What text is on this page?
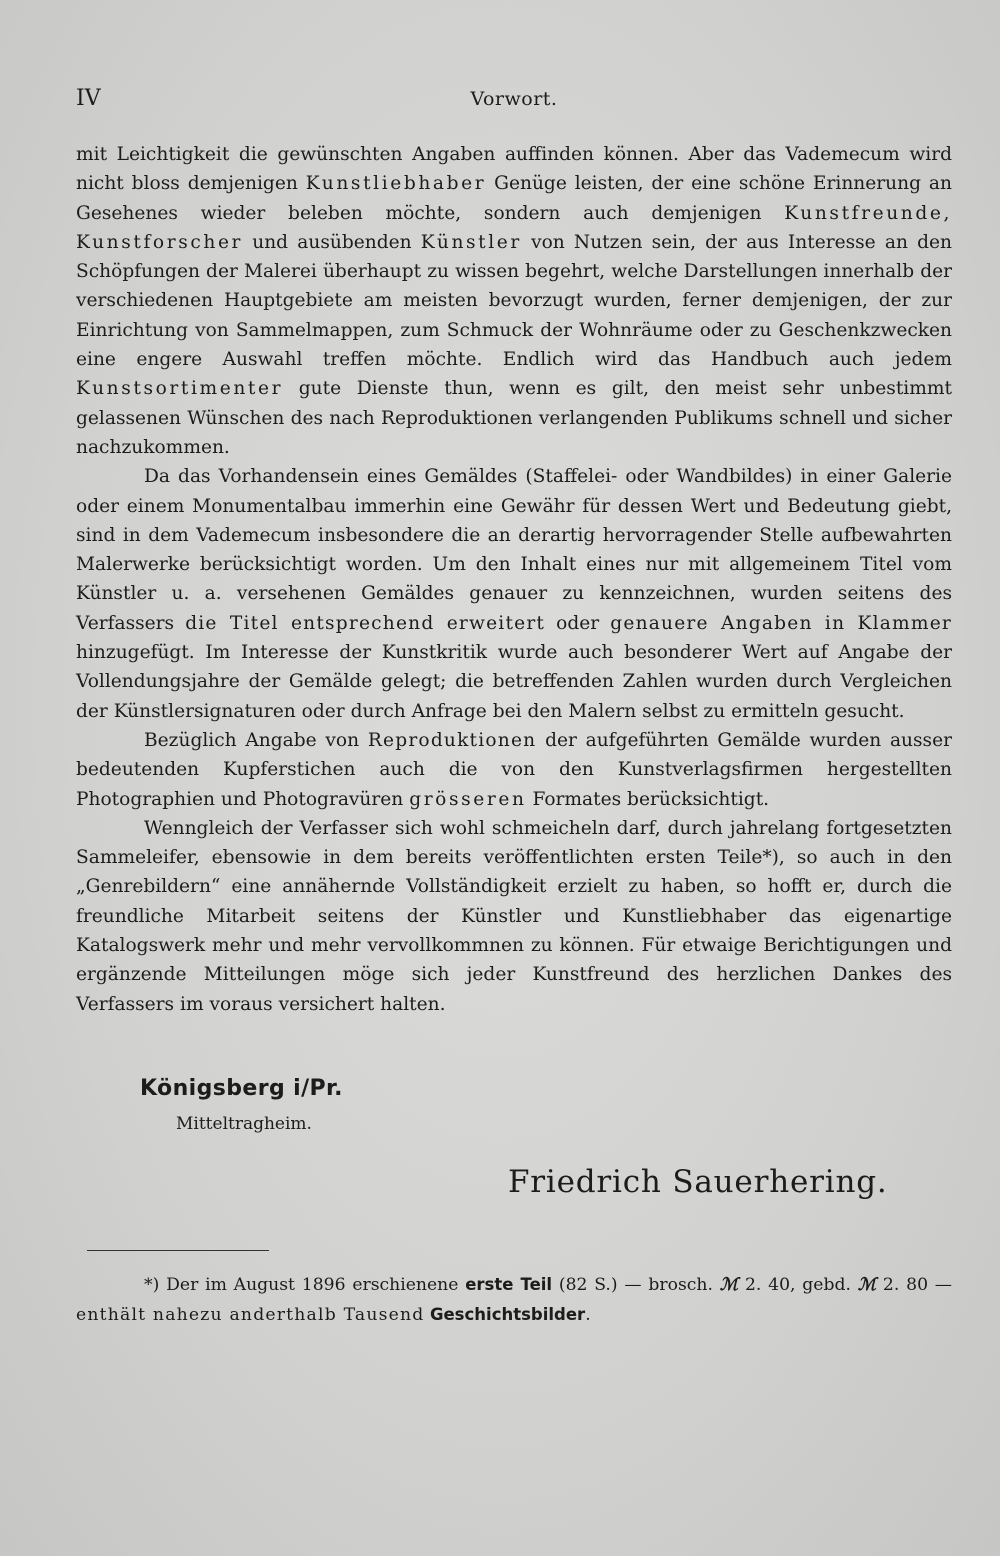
IV	Vorwort.

mit Leichtigkeit die gewünschten Angaben auffinden können. Aber das Vademecum wird nicht bloss demjenigen Kunstliebhaber Genüge leisten, der eine schöne Erinnerung an Gesehenes wieder beleben möchte, sondern auch demjenigen Kunstfreunde, Kunstforscher und ausübenden Künstler von Nutzen sein, der aus Interesse an den Schöpfungen der Malerei überhaupt zu wissen begehrt, welche Darstellungen innerhalb der verschiedenen Hauptgebiete am meisten bevorzugt wurden, ferner demjenigen, der zur Einrichtung von Sammelmappen, zum Schmuck der Wohnräume oder zu Geschenkzwecken eine engere Auswahl treffen möchte. Endlich wird das Handbuch auch jedem Kunstsortimenter gute Dienste thun, wenn es gilt, den meist sehr unbestimmt gelassenen Wünschen des nach Reproduktionen verlangenden Publikums schnell und sicher nachzukommen.

Da das Vorhandensein eines Gemäldes (Staffelei- oder Wandbildes) in einer Galerie oder einem Monumentalbau immerhin eine Gewähr für dessen Wert und Bedeutung giebt, sind in dem Vademecum insbesondere die an derartig hervorragender Stelle aufbewahrten Malerwerke berücksichtigt worden. Um den Inhalt eines nur mit allgemeinem Titel vom Künstler u. a. versehenen Gemäldes genauer zu kennzeichnen, wurden seitens des Verfassers die Titel entsprechend erweitert oder genauere Angaben in Klammer hinzugefügt. Im Interesse der Kunstkritik wurde auch besonderer Wert auf Angabe der Vollendungsjahre der Gemälde gelegt; die betreffenden Zahlen wurden durch Vergleichen der Künstlersignaturen oder durch Anfrage bei den Malern selbst zu ermitteln gesucht.

Bezüglich Angabe von Reproduktionen der aufgeführten Gemälde wurden ausser bedeutenden Kupferstichen auch die von den Kunstverlagsfirmen hergestellten Photographien und Photogravüren grösseren Formates berücksichtigt.

Wenngleich der Verfasser sich wohl schmeicheln darf, durch jahrelang fortgesetzten Sammeleifer, ebensowie in dem bereits veröffentlichten ersten Teile*), so auch in den „Genrebildern“ eine annähernde Vollständigkeit erzielt zu haben, so hofft er, durch die freundliche Mitarbeit seitens der Künstler und Kunstliebhaber das eigenartige Katalogswerk mehr und mehr vervollkommnen zu können. Für etwaige Berichtigungen und ergänzende Mitteilungen möge sich jeder Kunstfreund des herzlichen Dankes des Verfassers im voraus versichert halten.

Königsberg i/Pr.
Mitteltragheim.
Friedrich Sauerhering.
*) Der im August 1896 erschienene erste Teil (82 S.) — brosch. ℳ 2. 40, gebd. ℳ 2. 80 — enthält nahezu anderthalb Tausend Geschichtsbilder.
